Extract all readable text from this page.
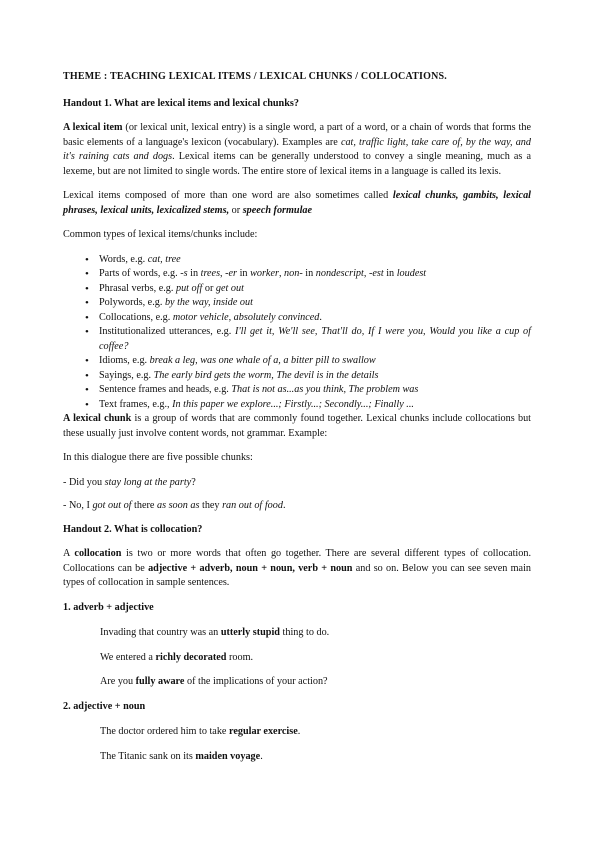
THEME : TEACHING LEXICAL ITEMS / LEXICAL CHUNKS / COLLOCATIONS.

Handout 1. What are lexical items and lexical chunks?

A lexical item (or lexical unit, lexical entry) is a single word, a part of a word, or a chain of words that forms the basic elements of a language's lexicon (vocabulary). Examples are cat, traffic light, take care of, by the way, and it's raining cats and dogs. Lexical items can be generally understood to convey a single meaning, much as a lexeme, but are not limited to single words. The entire store of lexical items in a language is called its lexis.

Lexical items composed of more than one word are also sometimes called lexical chunks, gambits, lexical phrases, lexical units, lexicalized stems, or speech formulae

Common types of lexical items/chunks include:

• Words, e.g. cat, tree
• Parts of words, e.g. -s in trees, -er in worker, non- in nondescript, -est in loudest
• Phrasal verbs, e.g. put off or get out
• Polywords, e.g. by the way, inside out
• Collocations, e.g. motor vehicle, absolutely convinced.
• Institutionalized utterances, e.g. I'll get it, We'll see, That'll do, If I were you, Would you like a cup of coffee?
• Idioms, e.g. break a leg, was one whale of a, a bitter pill to swallow
• Sayings, e.g. The early bird gets the worm, The devil is in the details
• Sentence frames and heads, e.g. That is not as...as you think, The problem was
• Text frames, e.g., In this paper we explore...; Firstly...; Secondly...; Finally ...

A lexical chunk is a group of words that are commonly found together. Lexical chunks include collocations but these usually just involve content words, not grammar. Example:

In this dialogue there are five possible chunks:

- Did you stay long at the party?

- No, I got out of there as soon as they ran out of food.

Handout 2. What is collocation?

A collocation is two or more words that often go together. There are several different types of collocation. Collocations can be adjective + adverb, noun + noun, verb + noun and so on. Below you can see seven main types of collocation in sample sentences.

1. adverb + adjective

Invading that country was an utterly stupid thing to do.

We entered a richly decorated room.

Are you fully aware of the implications of your action?

2. adjective + noun

The doctor ordered him to take regular exercise.

The Titanic sank on its maiden voyage.
